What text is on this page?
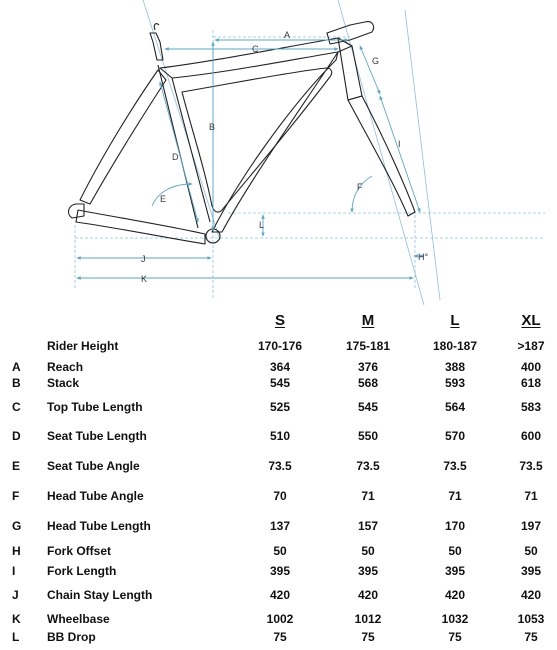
A
B
C
D
E
F
G
H°
I
J
K
L
S	M	L	XL
Rider Height	170-176	175-181	180-187	>187
A Reach	364	376	388	400
B Stack	545	568	593	618
C Top Tube Length	525	545	564	583
D Seat Tube Length	510	550	570	600
E Seat Tube Angle	73.5	73.5	73.5	73.5
F Head Tube Angle	70	71	71	71
G Head Tube Length	137	157	170	197
H Fork Offset	50	50	50	50
I	Fork Length	395	395	395	395
J Chain Stay Length	420	420	420	420
K Wheelbase	1002	1012	1032	1053
L BB Drop	75	75	75	75
